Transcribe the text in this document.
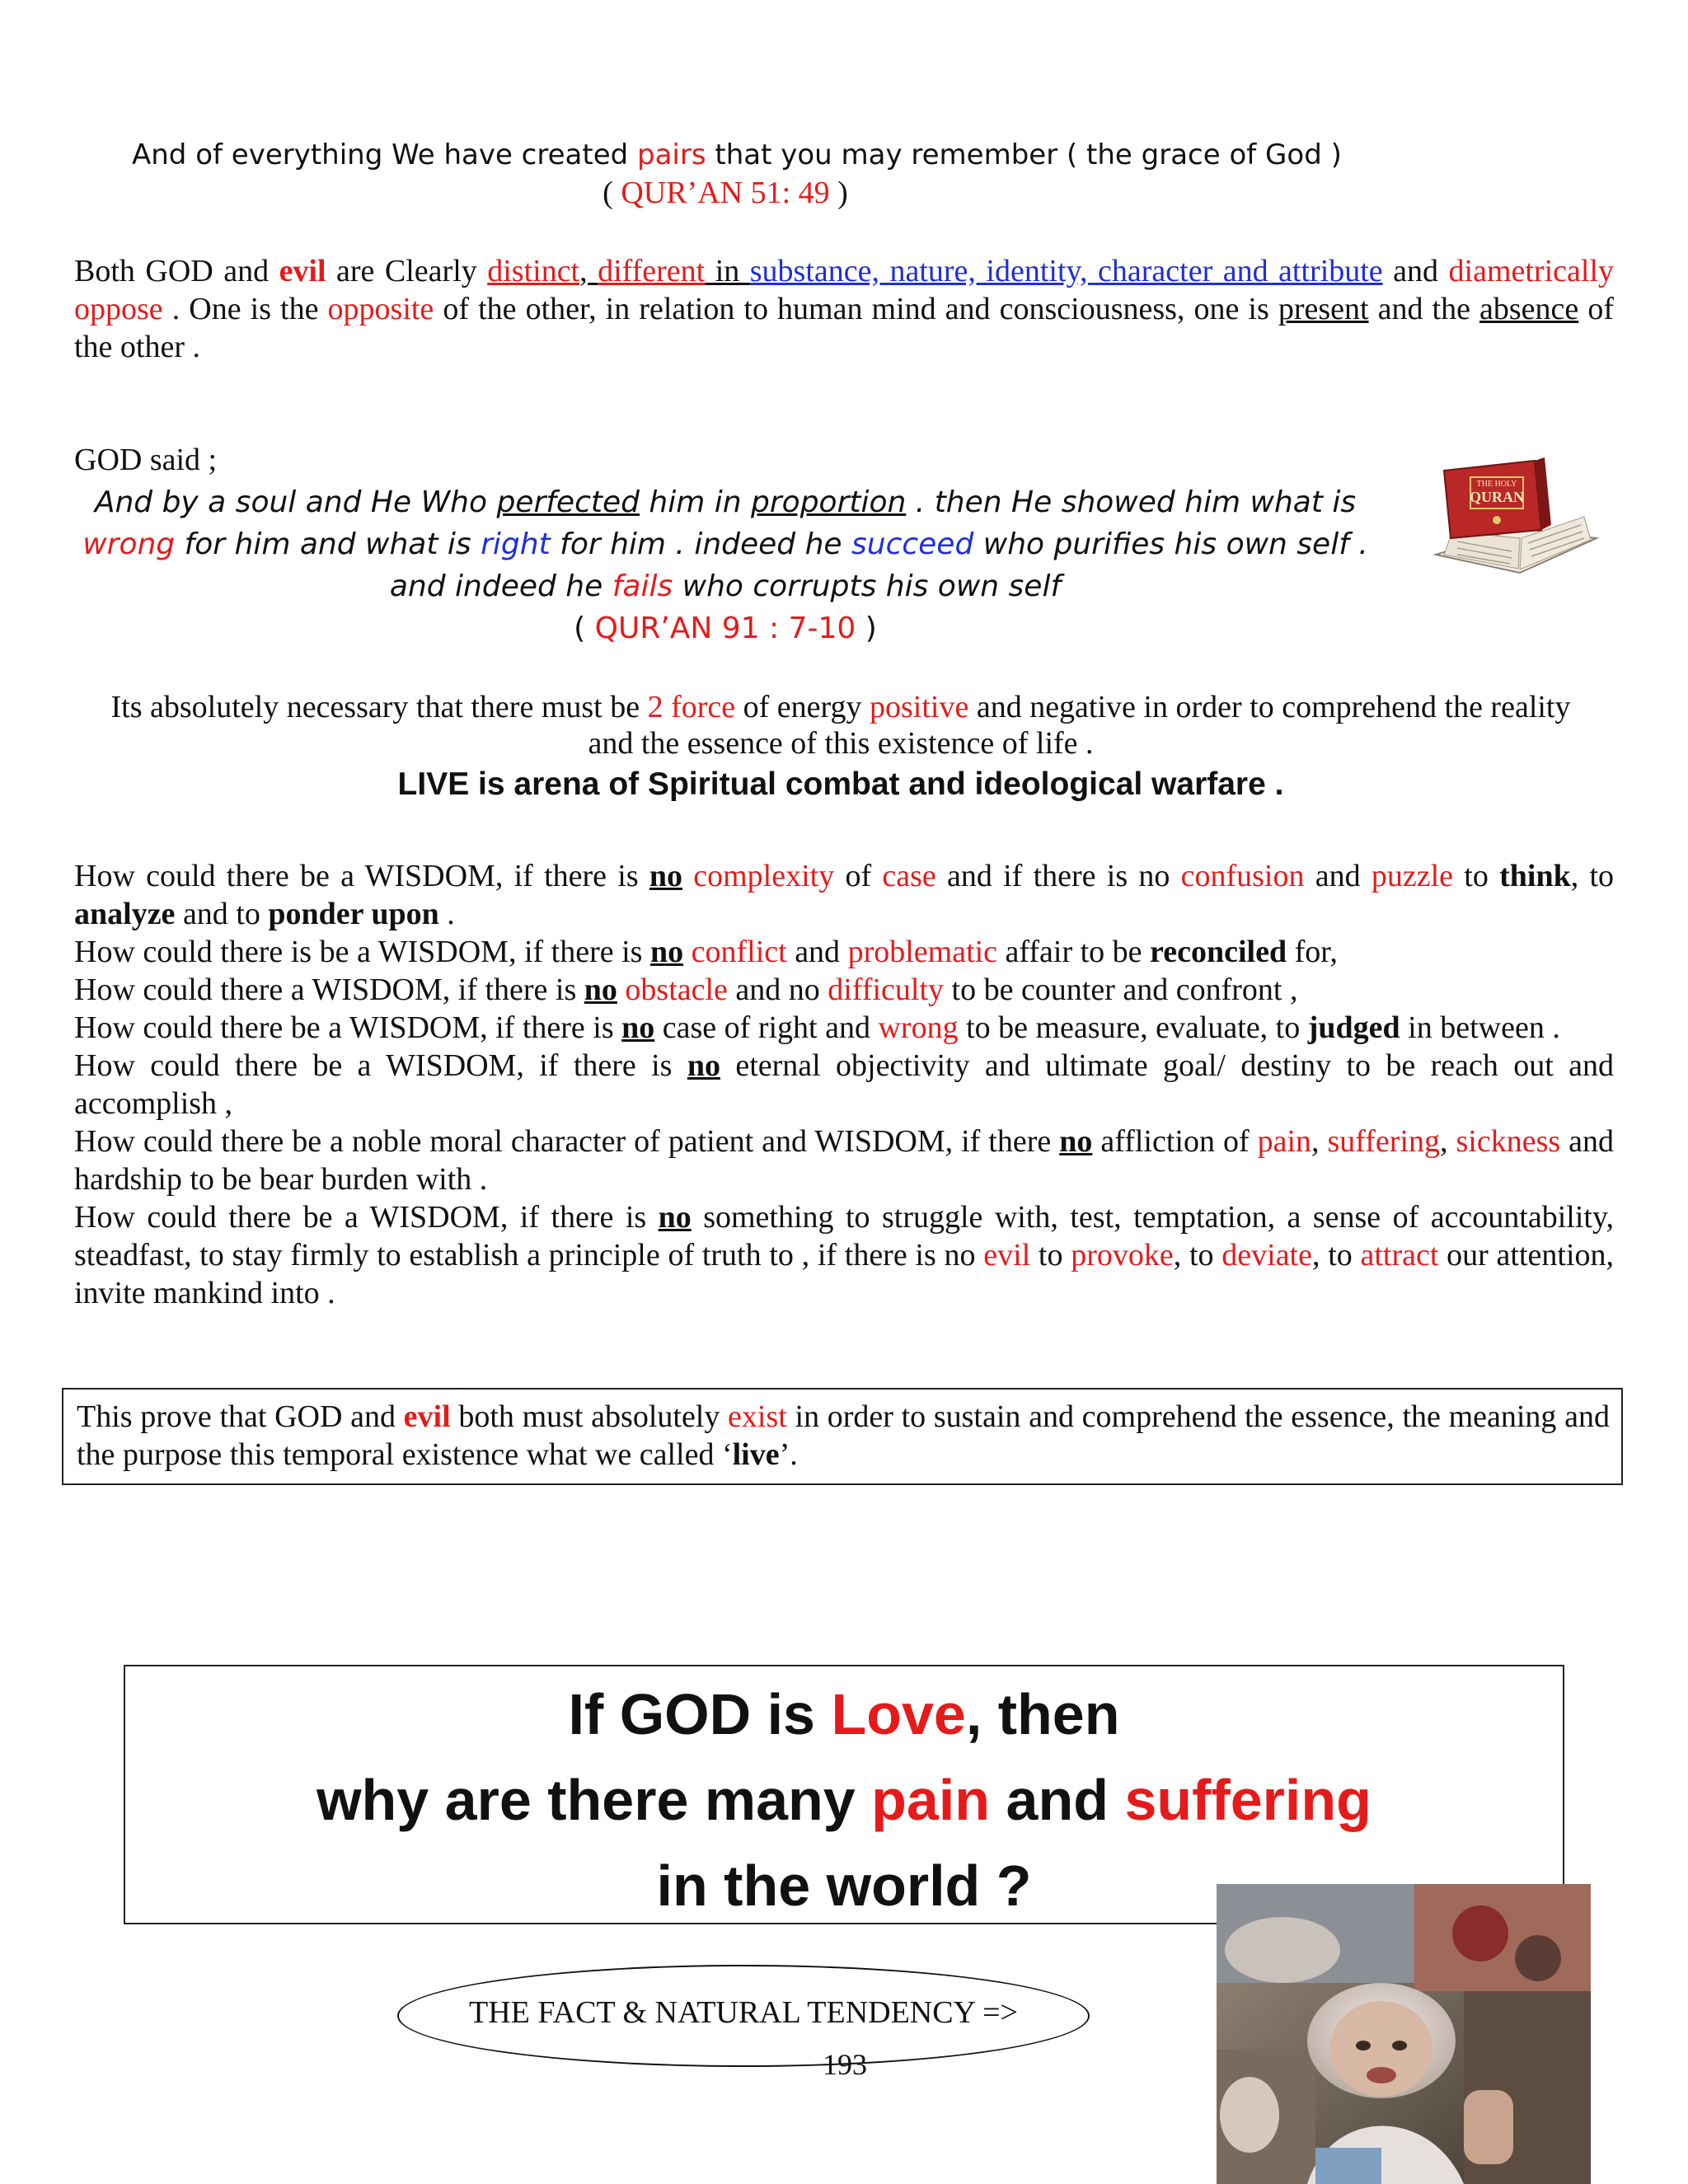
And of everything We have created pairs that you may remember ( the grace of God )
( QUR’AN 51: 49 )
Both GOD and evil are Clearly distinct, different in substance, nature, identity, character and attribute and diametrically oppose . One is the opposite of the other, in relation to human mind and consciousness, one is present and the absence of the other .
GOD said ;
And by a soul and He Who perfected him in proportion . then He showed him what is wrong for him and what is right for him . indeed he succeed who purifies his own self . and indeed he fails who corrupts his own self
( QUR’AN 91 : 7-10 )
THE HOLY
QURAN
Its absolutely necessary that there must be 2 force of energy positive and negative in order to comprehend the reality and the essence of this existence of life .
LIVE is arena of Spiritual combat and ideological warfare .

How could there be a WISDOM, if there is no complexity of case and if there is no confusion and puzzle to think, to analyze and to ponder upon .

How could there is be a WISDOM, if there is no conflict and problematic affair to be reconciled for,

How could there a WISDOM, if there is no obstacle and no difficulty to be counter and confront ,

How could there be a WISDOM, if there is no case of right and wrong to be measure, evaluate, to judged in between .

How could there be a WISDOM, if there is no eternal objectivity and ultimate goal/ destiny to be reach out and accomplish ,

How could there be a noble moral character of patient and WISDOM, if there no affliction of pain, suffering, sickness and hardship to be bear burden with .

How could there be a WISDOM, if there is no something to struggle with, test, temptation, a sense of accountability, steadfast, to stay firmly to establish a principle of truth to , if there is no evil to provoke, to deviate, to attract our attention, invite mankind into .

This prove that GOD and evil both must absolutely exist in order to sustain and comprehend the essence, the meaning and the purpose this temporal existence what we called ‘live’.
If GOD is Love, then
why are there many pain and suffering
in the world ?
THE FACT & NATURAL TENDENCY =>
193
